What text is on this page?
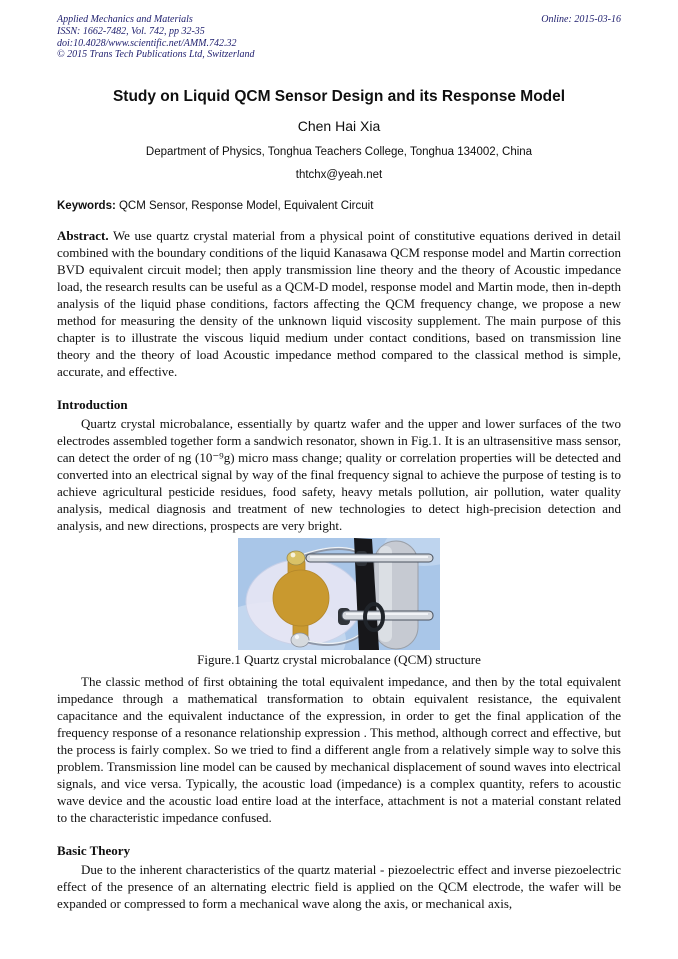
Applied Mechanics and Materials
ISSN: 1662-7482, Vol. 742, pp 32-35
doi:10.4028/www.scientific.net/AMM.742.32
© 2015 Trans Tech Publications Ltd, Switzerland
Online: 2015-03-16
Study on Liquid QCM Sensor Design and its Response Model
Chen Hai Xia
Department of Physics, Tonghua Teachers College, Tonghua 134002, China
thtchx@yeah.net

Keywords: QCM Sensor, Response Model, Equivalent Circuit

Abstract. We use quartz crystal material from a physical point of constitutive equations derived in detail combined with the boundary conditions of the liquid Kanasawa QCM response model and Martin correction BVD equivalent circuit model; then apply transmission line theory and the theory of Acoustic impedance load, the research results can be useful as a QCM-D model, response model and Martin mode, then in-depth analysis of the liquid phase conditions, factors affecting the QCM frequency change, we propose a new method for measuring the density of the unknown liquid viscosity supplement. The main purpose of this chapter is to illustrate the viscous liquid medium under contact conditions, based on transmission line theory and the theory of load Acoustic impedance method compared to the classical method is simple, accurate, and effective.

Introduction

Quartz crystal microbalance, essentially by quartz wafer and the upper and lower surfaces of the two electrodes assembled together form a sandwich resonator, shown in Fig.1. It is an ultrasensitive mass sensor, can detect the order of ng (10⁻⁹g) micro mass change; quality or correlation properties will be detected and converted into an electrical signal by way of the final frequency signal to achieve the purpose of testing is to achieve agricultural pesticide residues, food safety, heavy metals pollution, air pollution, water quality analysis, medical diagnosis and treatment of new technologies to detect high-precision detection and analysis, and new directions, prospects are very bright.

Figure.1 Quartz crystal microbalance (QCM) structure

The classic method of first obtaining the total equivalent impedance, and then by the total equivalent impedance through a mathematical transformation to obtain equivalent resistance, the equivalent capacitance and the equivalent inductance of the expression, in order to get the final application of the frequency response of a resonance relationship expression . This method, although correct and effective, but the process is fairly complex. So we tried to find a different angle from a relatively simple way to solve this problem. Transmission line model can be caused by mechanical displacement of sound waves into electrical signals, and vice versa. Typically, the acoustic load (impedance) is a complex quantity, refers to acoustic wave device and the acoustic load entire load at the interface, attachment is not a material constant related to the characteristic impedance confused.

Basic Theory

Due to the inherent characteristics of the quartz material - piezoelectric effect and inverse piezoelectric effect of the presence of an alternating electric field is applied on the QCM electrode, the wafer will be expanded or compressed to form a mechanical wave along the axis, or mechanical axis,
